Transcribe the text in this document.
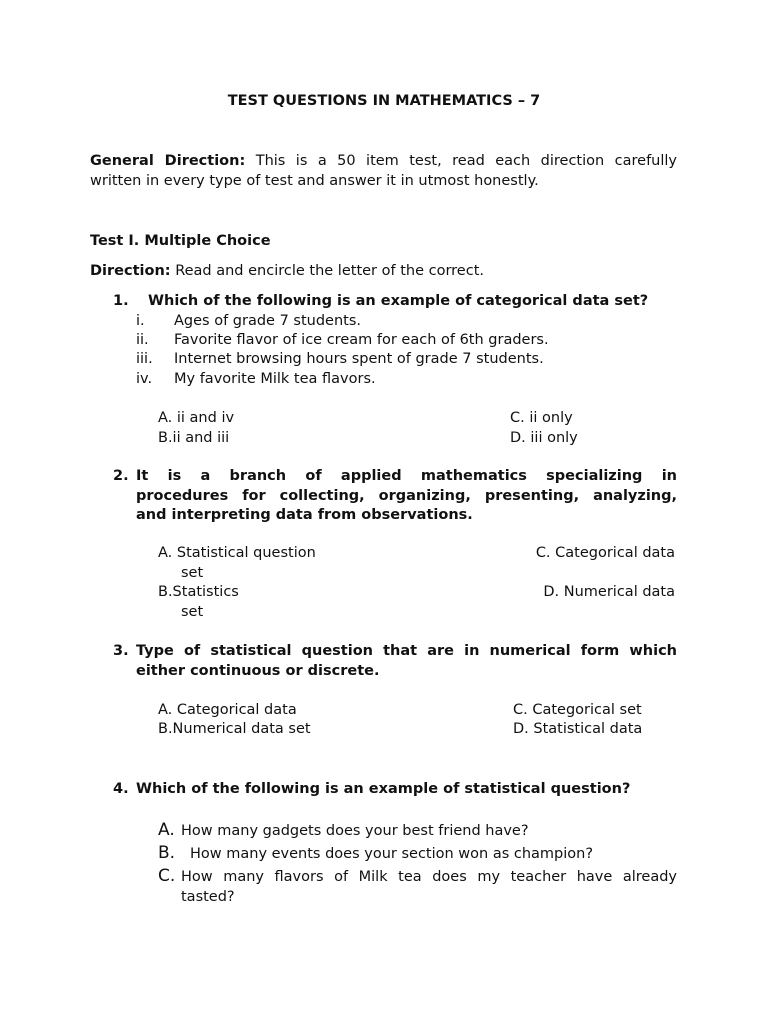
TEST QUESTIONS IN MATHEMATICS – 7
General Direction: This is a 50 item test, read each direction carefully
written in every type of test and answer it in utmost honestly.
Test I. Multiple Choice
Direction: Read and encircle the letter of the correct.
1. Which of the following is an example of categorical data set?
i. Ages of grade 7 students.
ii. Favorite flavor of ice cream for each of 6th graders.
iii. Internet browsing hours spent of grade 7 students.
iv. My favorite Milk tea flavors.
A. ii and iv	C. ii only
B.ii and iii	D. iii only
2. It is a branch of applied mathematics specializing in
procedures for collecting, organizing, presenting, analyzing,
and interpreting data from observations.
A. Statistical question	C. Categorical data
set
B.Statistics	D. Numerical data
set
3. Type of statistical question that are in numerical form which
either continuous or discrete.
A. Categorical data	C. Categorical set
B.Numerical data set	D. Statistical data
4. Which of the following is an example of statistical question?
A. How many gadgets does your best friend have?
B. How many events does your section won as champion?
C. How many flavors of Milk tea does my teacher have already
tasted?
